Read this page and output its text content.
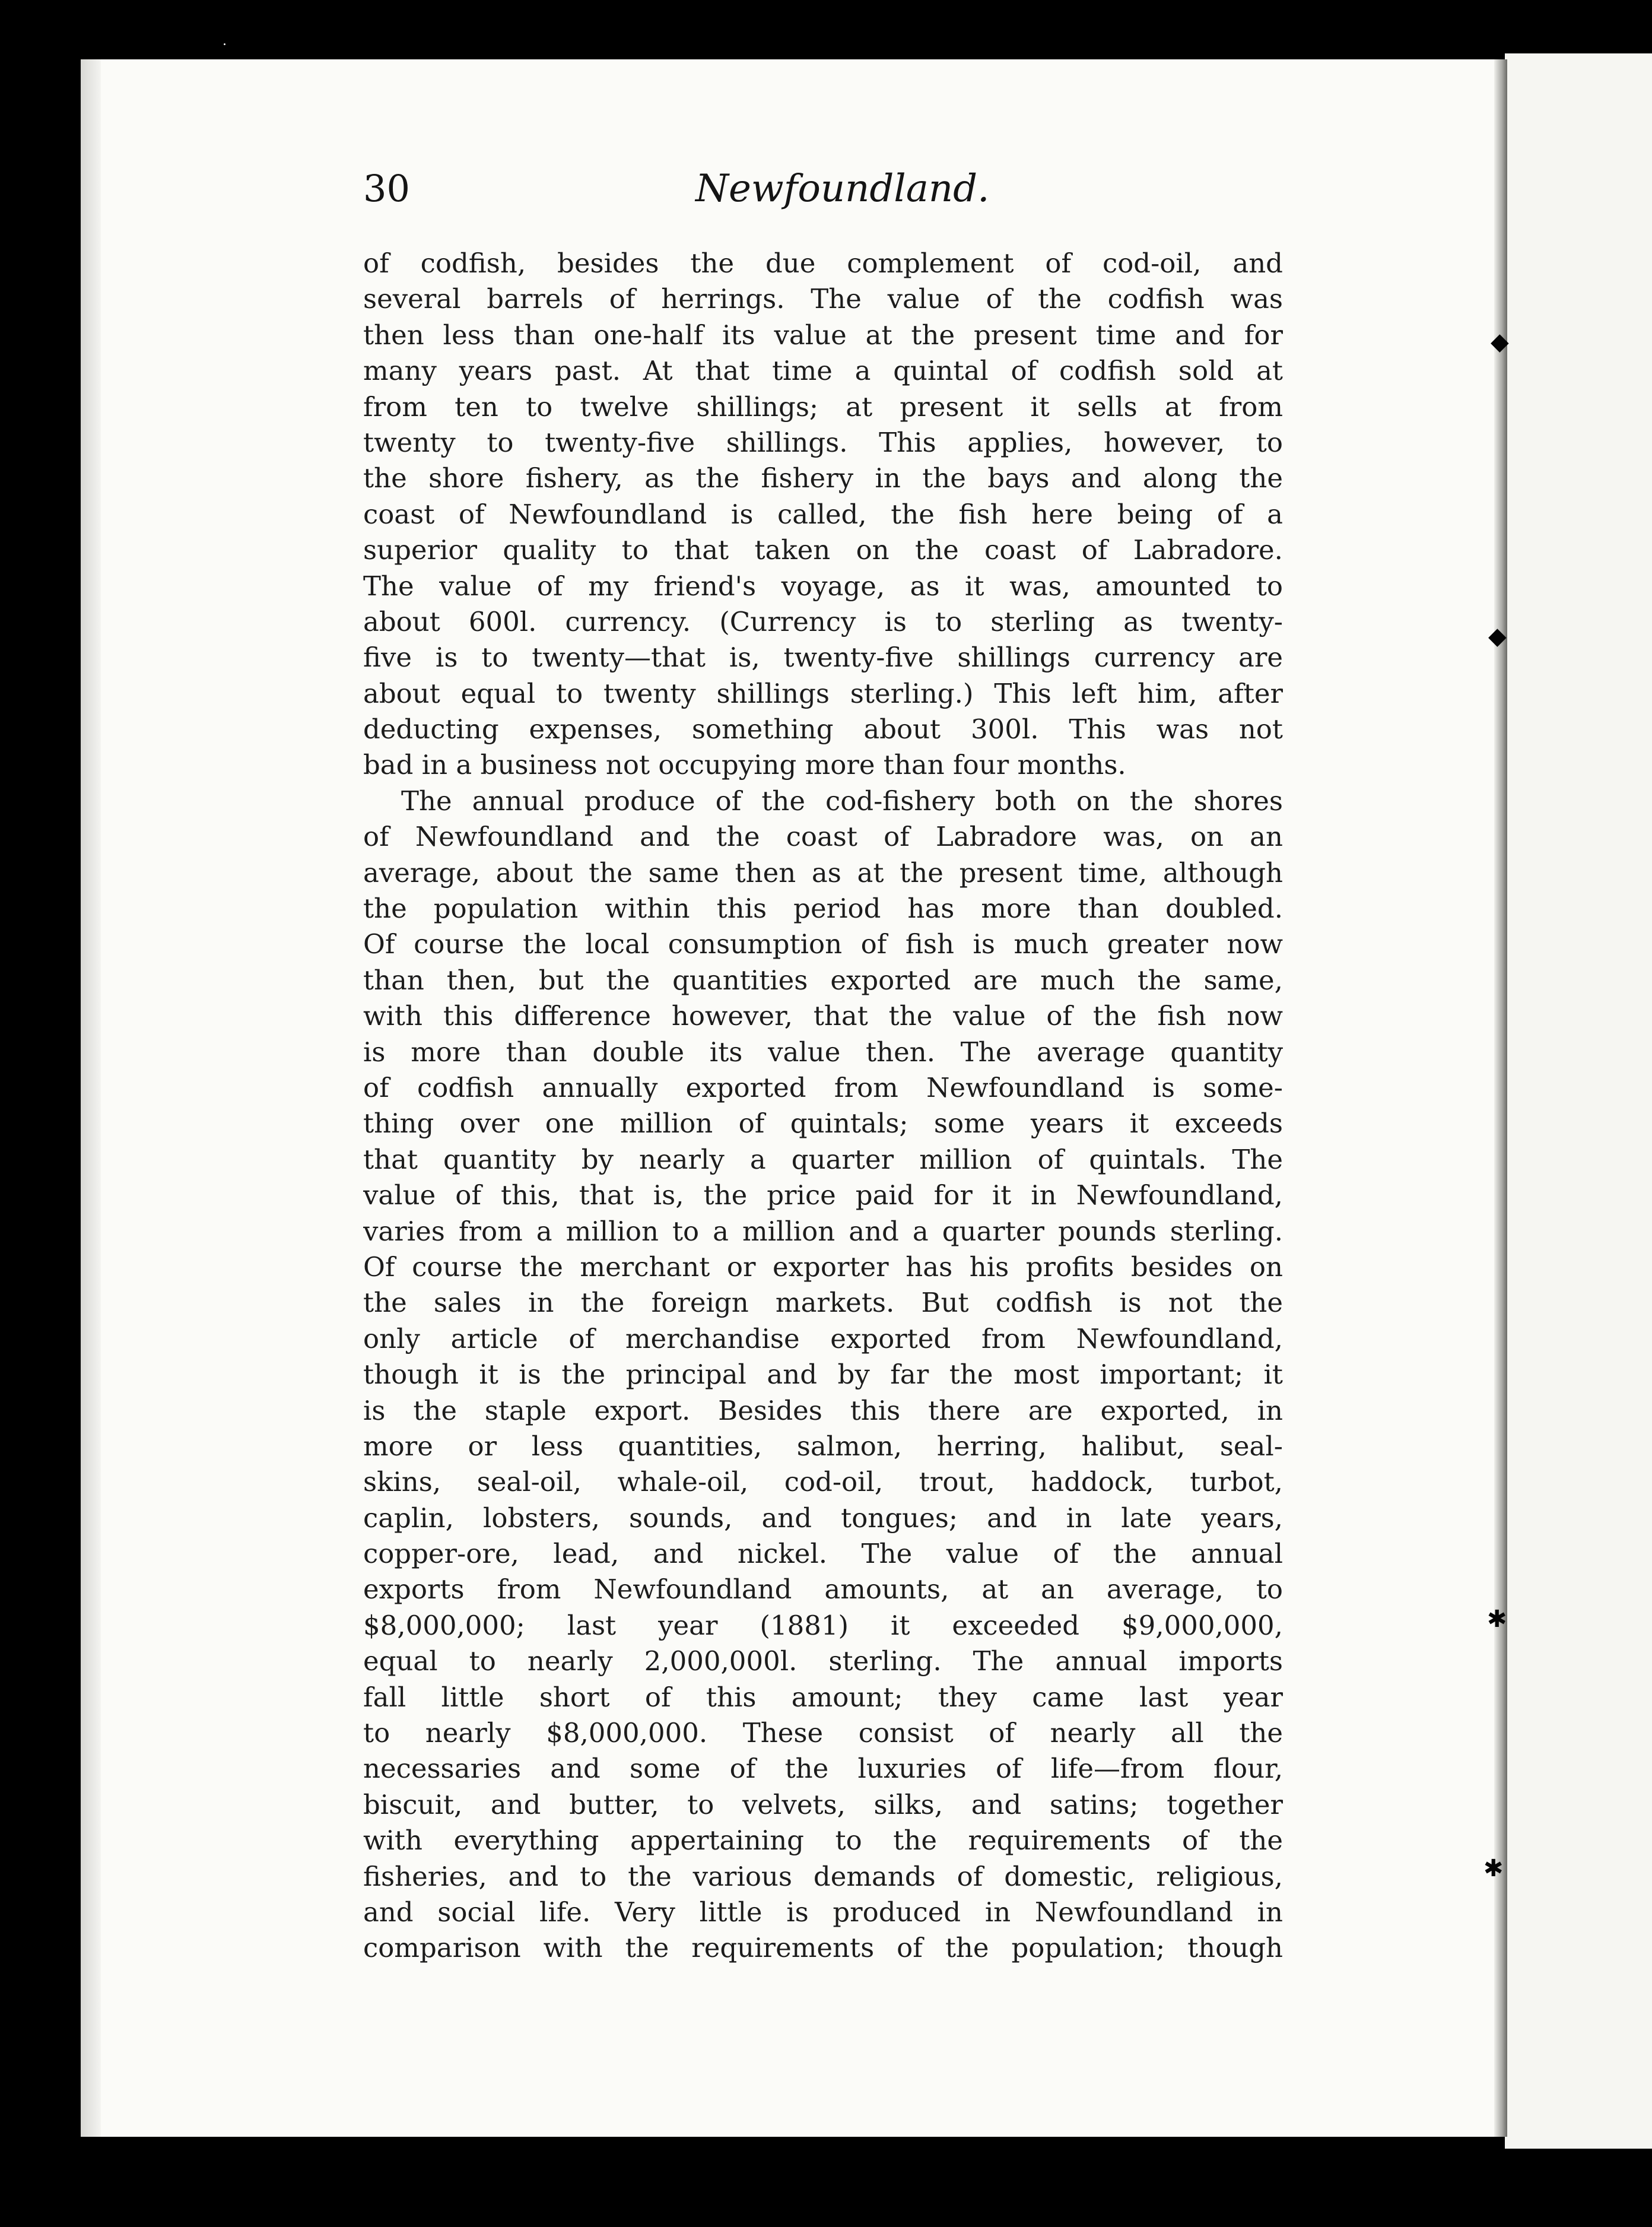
˙
◆
◆
✱
✱
30	Newfoundland.
of codfish, besides the due complement of cod-oil, and
several barrels of herrings. The value of the codfish was
then less than one-half its value at the present time and for
many years past. At that time a quintal of codfish sold at
from ten to twelve shillings; at present it sells at from
twenty to twenty-five shillings. This applies, however, to
the shore fishery, as the fishery in the bays and along the
coast of Newfoundland is called, the fish here being of a
superior quality to that taken on the coast of Labradore.
The value of my friend's voyage, as it was, amounted to
about 600l. currency. (Currency is to sterling as twenty-
five is to twenty—that is, twenty-five shillings currency are
about equal to twenty shillings sterling.) This left him, after
deducting expenses, something about 300l. This was not
bad in a business not occupying more than four months.
The annual produce of the cod-fishery both on the shores
of Newfoundland and the coast of Labradore was, on an
average, about the same then as at the present time, although
the population within this period has more than doubled.
Of course the local consumption of fish is much greater now
than then, but the quantities exported are much the same,
with this difference however, that the value of the fish now
is more than double its value then. The average quantity
of codfish annually exported from Newfoundland is some-
thing over one million of quintals; some years it exceeds
that quantity by nearly a quarter million of quintals. The
value of this, that is, the price paid for it in Newfoundland,
varies from a million to a million and a quarter pounds sterling.
Of course the merchant or exporter has his profits besides on
the sales in the foreign markets. But codfish is not the
only article of merchandise exported from Newfoundland,
though it is the principal and by far the most important; it
is the staple export. Besides this there are exported, in
more or less quantities, salmon, herring, halibut, seal-
skins, seal-oil, whale-oil, cod-oil, trout, haddock, turbot,
caplin, lobsters, sounds, and tongues; and in late years,
copper-ore, lead, and nickel. The value of the annual
exports from Newfoundland amounts, at an average, to
$8,000,000; last year (1881) it exceeded $9,000,000,
equal to nearly 2,000,000l. sterling. The annual imports
fall little short of this amount; they came last year
to nearly $8,000,000. These consist of nearly all the
necessaries and some of the luxuries of life—from flour,
biscuit, and butter, to velvets, silks, and satins; together
with everything appertaining to the requirements of the
fisheries, and to the various demands of domestic, religious,
and social life. Very little is produced in Newfoundland in
comparison with the requirements of the population; though
